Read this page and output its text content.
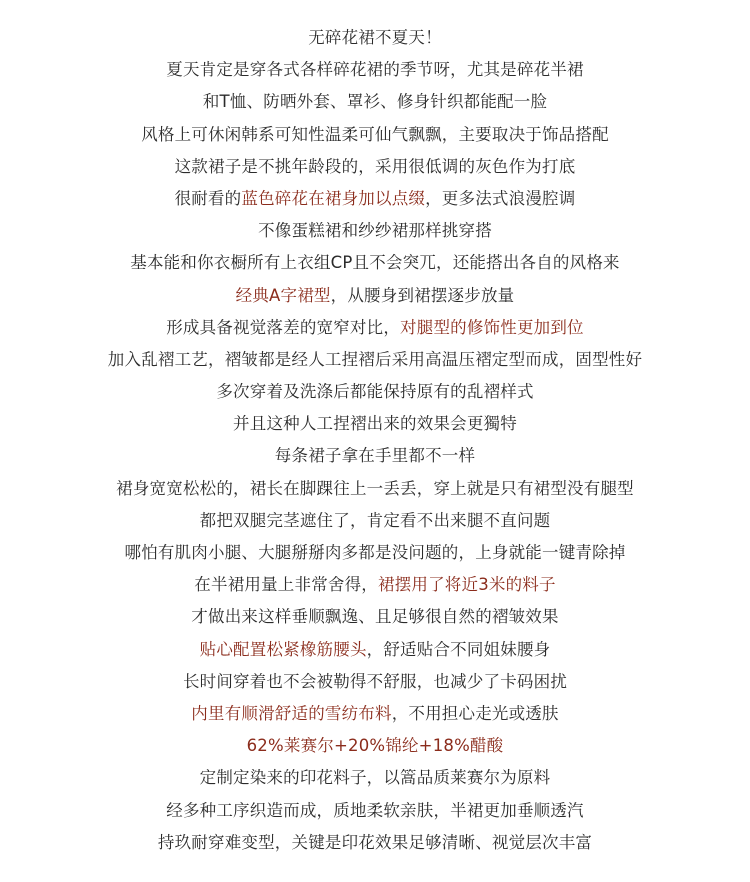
无碎花裙不夏天！
夏天肯定是穿各式各样碎花裙的季节呀，尤其是碎花半裙
和T恤、防晒外套、罩衫、修身针织都能配一脸
风格上可休闲韩系可知性温柔可仙气飘飘，主要取决于饰品搭配
这款裙子是不挑年龄段的，采用很低调的灰色作为打底
很耐看的蓝色碎花在裙身加以点缀，更多法式浪漫腔调
不像蛋糕裙和纱纱裙那样挑穿搭
基本能和你衣橱所有上衣组CP且不会突兀，还能搭出各自的风格来
经典A字裙型，从腰身到裙摆逐步放量
形成具备视觉落差的宽窄对比，对腿型的修饰性更加到位
加入乱褶工艺，褶皱都是经人工捏褶后采用高温压褶定型而成，固型性好
多次穿着及洗涤后都能保持原有的乱褶样式
并且这种人工捏褶出来的效果会更獨特
每条裙子拿在手里都不一样
裙身宽宽松松的，裙长在脚踝往上一丢丢，穿上就是只有裙型没有腿型
都把双腿完茎遮住了，肯定看不出来腿不直问题
哪怕有肌肉小腿、大腿掰掰肉多都是没问题的，上身就能一键青除掉
在半裙用量上非常舍得，裙摆用了将近3米的料子
才做出来这样垂顺飘逸、且足够很自然的褶皱效果
贴心配置松紧橡筋腰头，舒适贴合不同姐妹腰身
长时间穿着也不会被勒得不舒服，也减少了卡码困扰
内里有顺滑舒适的雪纺布料，不用担心走光或透肤
62%莱赛尔+20%锦纶+18%醋酸
定制定染来的印花料子，以篙品质莱赛尔为原料
经多种工序织造而成，质地柔软亲肤，半裙更加垂顺透汽
持玖耐穿难变型，关键是印花效果足够清晰、视觉层次丰富
